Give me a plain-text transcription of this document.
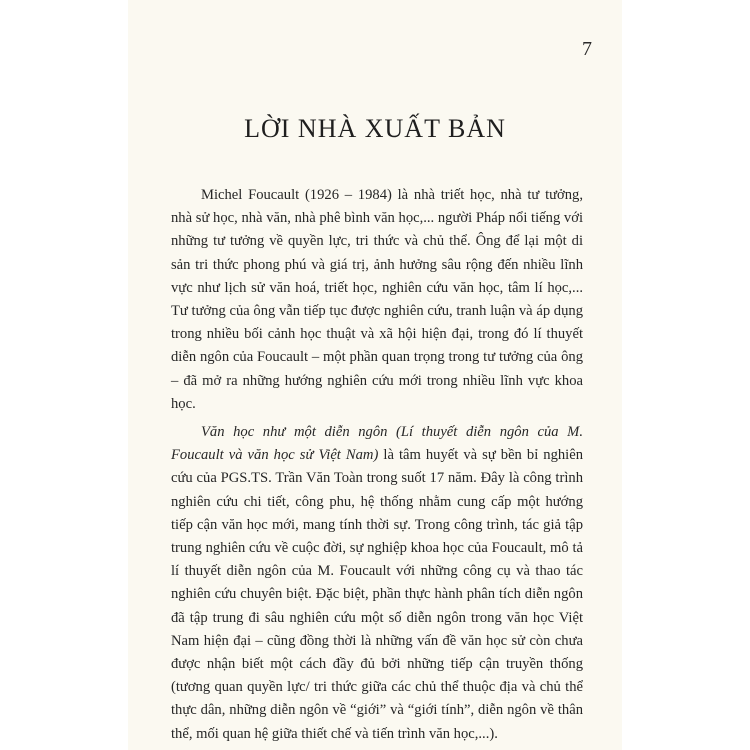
7
LỜI NHÀ XUẤT BẢN

Michel Foucault (1926 – 1984) là nhà triết học, nhà tư tưởng, nhà sử học, nhà văn, nhà phê bình văn học,... người Pháp nổi tiếng với những tư tưởng về quyền lực, tri thức và chủ thể. Ông để lại một di sản tri thức phong phú và giá trị, ảnh hưởng sâu rộng đến nhiều lĩnh vực như lịch sử văn hoá, triết học, nghiên cứu văn học, tâm lí học,... Tư tưởng của ông vẫn tiếp tục được nghiên cứu, tranh luận và áp dụng trong nhiều bối cảnh học thuật và xã hội hiện đại, trong đó lí thuyết diễn ngôn của Foucault – một phần quan trọng trong tư tưởng của ông – đã mở ra những hướng nghiên cứu mới trong nhiều lĩnh vực khoa học.

Văn học như một diễn ngôn (Lí thuyết diễn ngôn của M. Foucault và văn học sử Việt Nam) là tâm huyết và sự bền bỉ nghiên cứu của PGS.TS. Trần Văn Toàn trong suốt 17 năm. Đây là công trình nghiên cứu chi tiết, công phu, hệ thống nhằm cung cấp một hướng tiếp cận văn học mới, mang tính thời sự. Trong công trình, tác giả tập trung nghiên cứu về cuộc đời, sự nghiệp khoa học của Foucault, mô tả lí thuyết diễn ngôn của M. Foucault với những công cụ và thao tác nghiên cứu chuyên biệt. Đặc biệt, phần thực hành phân tích diễn ngôn đã tập trung đi sâu nghiên cứu một số diễn ngôn trong văn học Việt Nam hiện đại – cũng đồng thời là những vấn đề văn học sử còn chưa được nhận biết một cách đầy đủ bởi những tiếp cận truyền thống (tương quan quyền lực/ tri thức giữa các chủ thể thuộc địa và chủ thể thực dân, những diễn ngôn về “giới” và “giới tính”, diễn ngôn về thân thể, mối quan hệ giữa thiết chế và tiến trình văn học,...).
